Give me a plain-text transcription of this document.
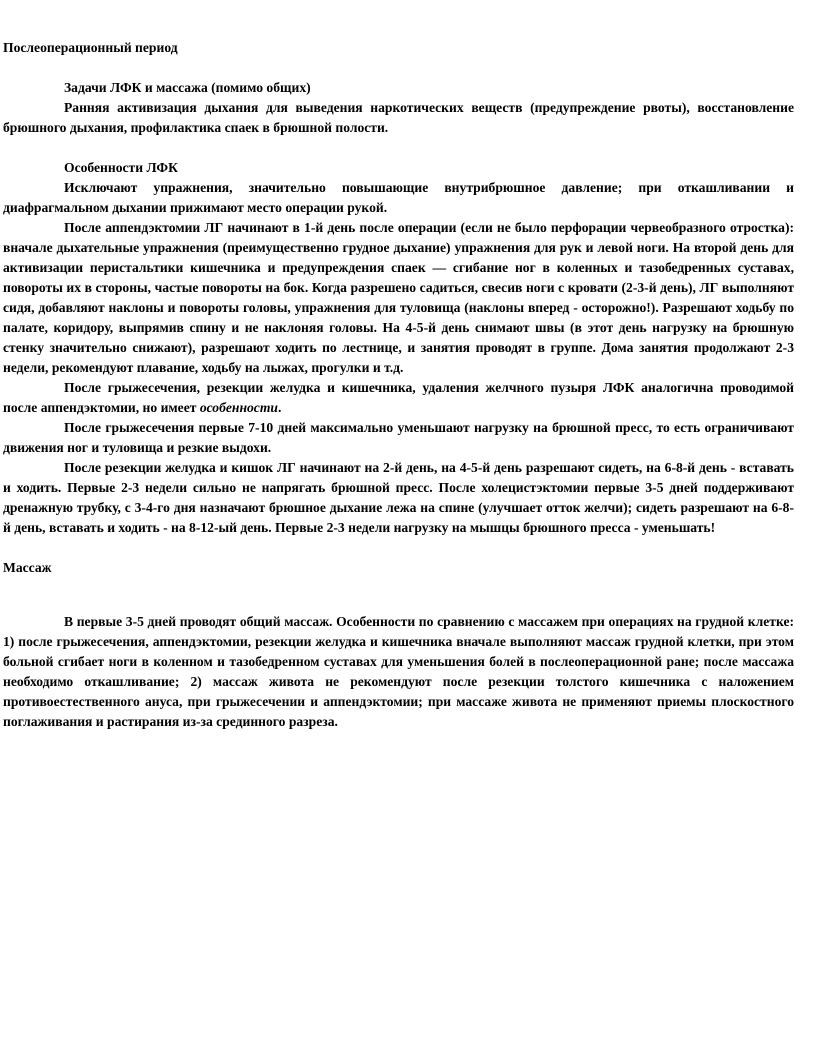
Послеоперационный период
Задачи ЛФК и массажа (помимо общих)

Ранняя активизация дыхания для выведения наркотических веществ (предупреждение рвоты), восстановление брюшного дыхания, профилактика спаек в брюшной полости.

Особенности ЛФК

Исключают упражнения, значительно повышающие внутрибрюшное давление; при откашливании и диафрагмальном дыхании прижимают место операции рукой.

После аппендэктомии ЛГ начинают в 1-й день после операции (если не было перфорации червеобразного отростка): вначале дыхательные упражнения (преимущественно грудное дыхание) упражнения для рук и левой ноги. На второй день для активизации перистальтики кишечника и предупреждения спаек — сгибание ног в коленных и тазобедренных суставах, повороты их в стороны, частые повороты на бок. Когда разрешено садиться, свесив ноги с кровати (2-3-й день), ЛГ выполняют сидя, добавляют наклоны и повороты головы, упражнения для туловища (наклоны вперед - осторожно!). Разрешают ходьбу по палате, коридору, выпрямив спину и не наклоняя головы. На 4-5-й день снимают швы (в этот день нагрузку на брюшную стенку значительно снижают), разрешают ходить по лестнице, и занятия проводят в группе. Дома занятия продолжают 2-3 недели, рекомендуют плавание, ходьбу на лыжах, прогулки и т.д.

После грыжесечения, резекции желудка и кишечника, удаления желчного пузыря ЛФК аналогична проводимой после аппендэктомии, но имеет особенности.

После грыжесечения первые 7-10 дней максимально уменьшают нагрузку на брюшной пресс, то есть ограничивают движения ног и туловища и резкие выдохи.

После резекции желудка и кишок ЛГ начинают на 2-й день, на 4-5-й день разрешают сидеть, на 6-8-й день - вставать и ходить. Первые 2-3 недели сильно не напрягать брюшной пресс. После холецистэктомии первые 3-5 дней поддерживают дренажную трубку, с 3-4-го дня назначают брюшное дыхание лежа на спине (улучшает отток желчи); сидеть разрешают на 6-8-й день, вставать и ходить - на 8-12-ый день. Первые 2-3 недели нагрузку на мышцы брюшного пресса - уменьшать!

Массаж

В первые 3-5 дней проводят общий массаж. Особенности по сравнению с массажем при операциях на грудной клетке: 1) после грыжесечения, аппендэктомии, резекции желудка и кишечника вначале выполняют массаж грудной клетки, при этом больной сгибает ноги в коленном и тазобедренном суставах для уменьшения болей в послеоперационной ране; после массажа необходимо откашливание; 2) массаж живота не рекомендуют после резекции толстого кишечника с наложением противоестественного ануса, при грыжесечении и аппендэктомии; при массаже живота не применяют приемы плоскостного поглаживания и растирания из-за срединного разреза.
